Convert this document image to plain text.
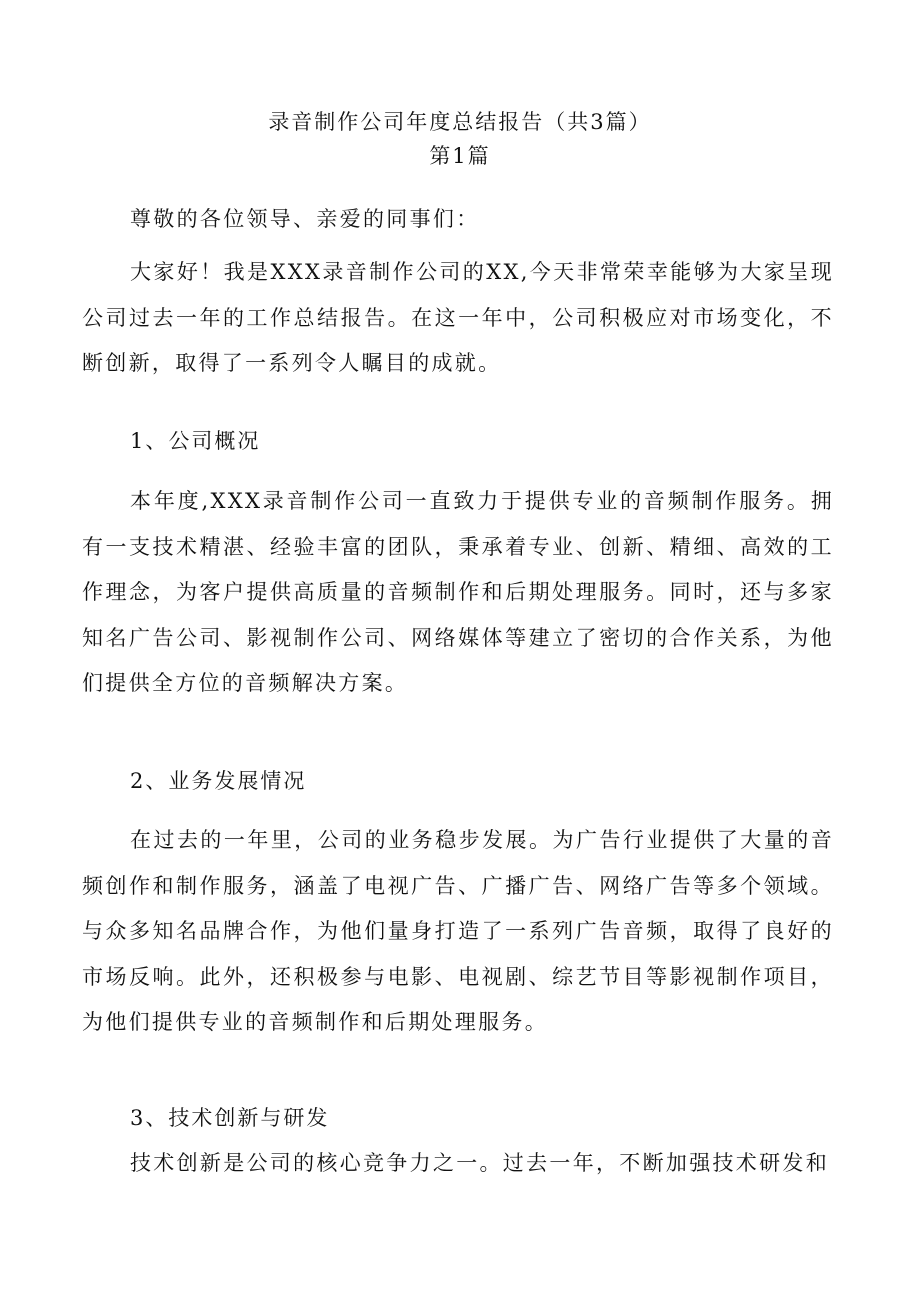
录音制作公司年度总结报告（共3篇）
第1篇

尊敬的各位领导、亲爱的同事们：

大家好！我是XXX录音制作公司的XX,今天非常荣幸能够为大家呈现公司过去一年的工作总结报告。在这一年中，公司积极应对市场变化，不断创新，取得了一系列令人瞩目的成就。

1、公司概况

本年度,XXX录音制作公司一直致力于提供专业的音频制作服务。拥有一支技术精湛、经验丰富的团队，秉承着专业、创新、精细、高效的工作理念，为客户提供高质量的音频制作和后期处理服务。同时，还与多家知名广告公司、影视制作公司、网络媒体等建立了密切的合作关系，为他们提供全方位的音频解决方案。

2、业务发展情况

在过去的一年里，公司的业务稳步发展。为广告行业提供了大量的音频创作和制作服务，涵盖了电视广告、广播广告、网络广告等多个领域。与众多知名品牌合作，为他们量身打造了一系列广告音频，取得了良好的市场反响。此外，还积极参与电影、电视剧、综艺节目等影视制作项目，为他们提供专业的音频制作和后期处理服务。

3、技术创新与研发

技术创新是公司的核心竞争力之一。过去一年，不断加强技术研发和
